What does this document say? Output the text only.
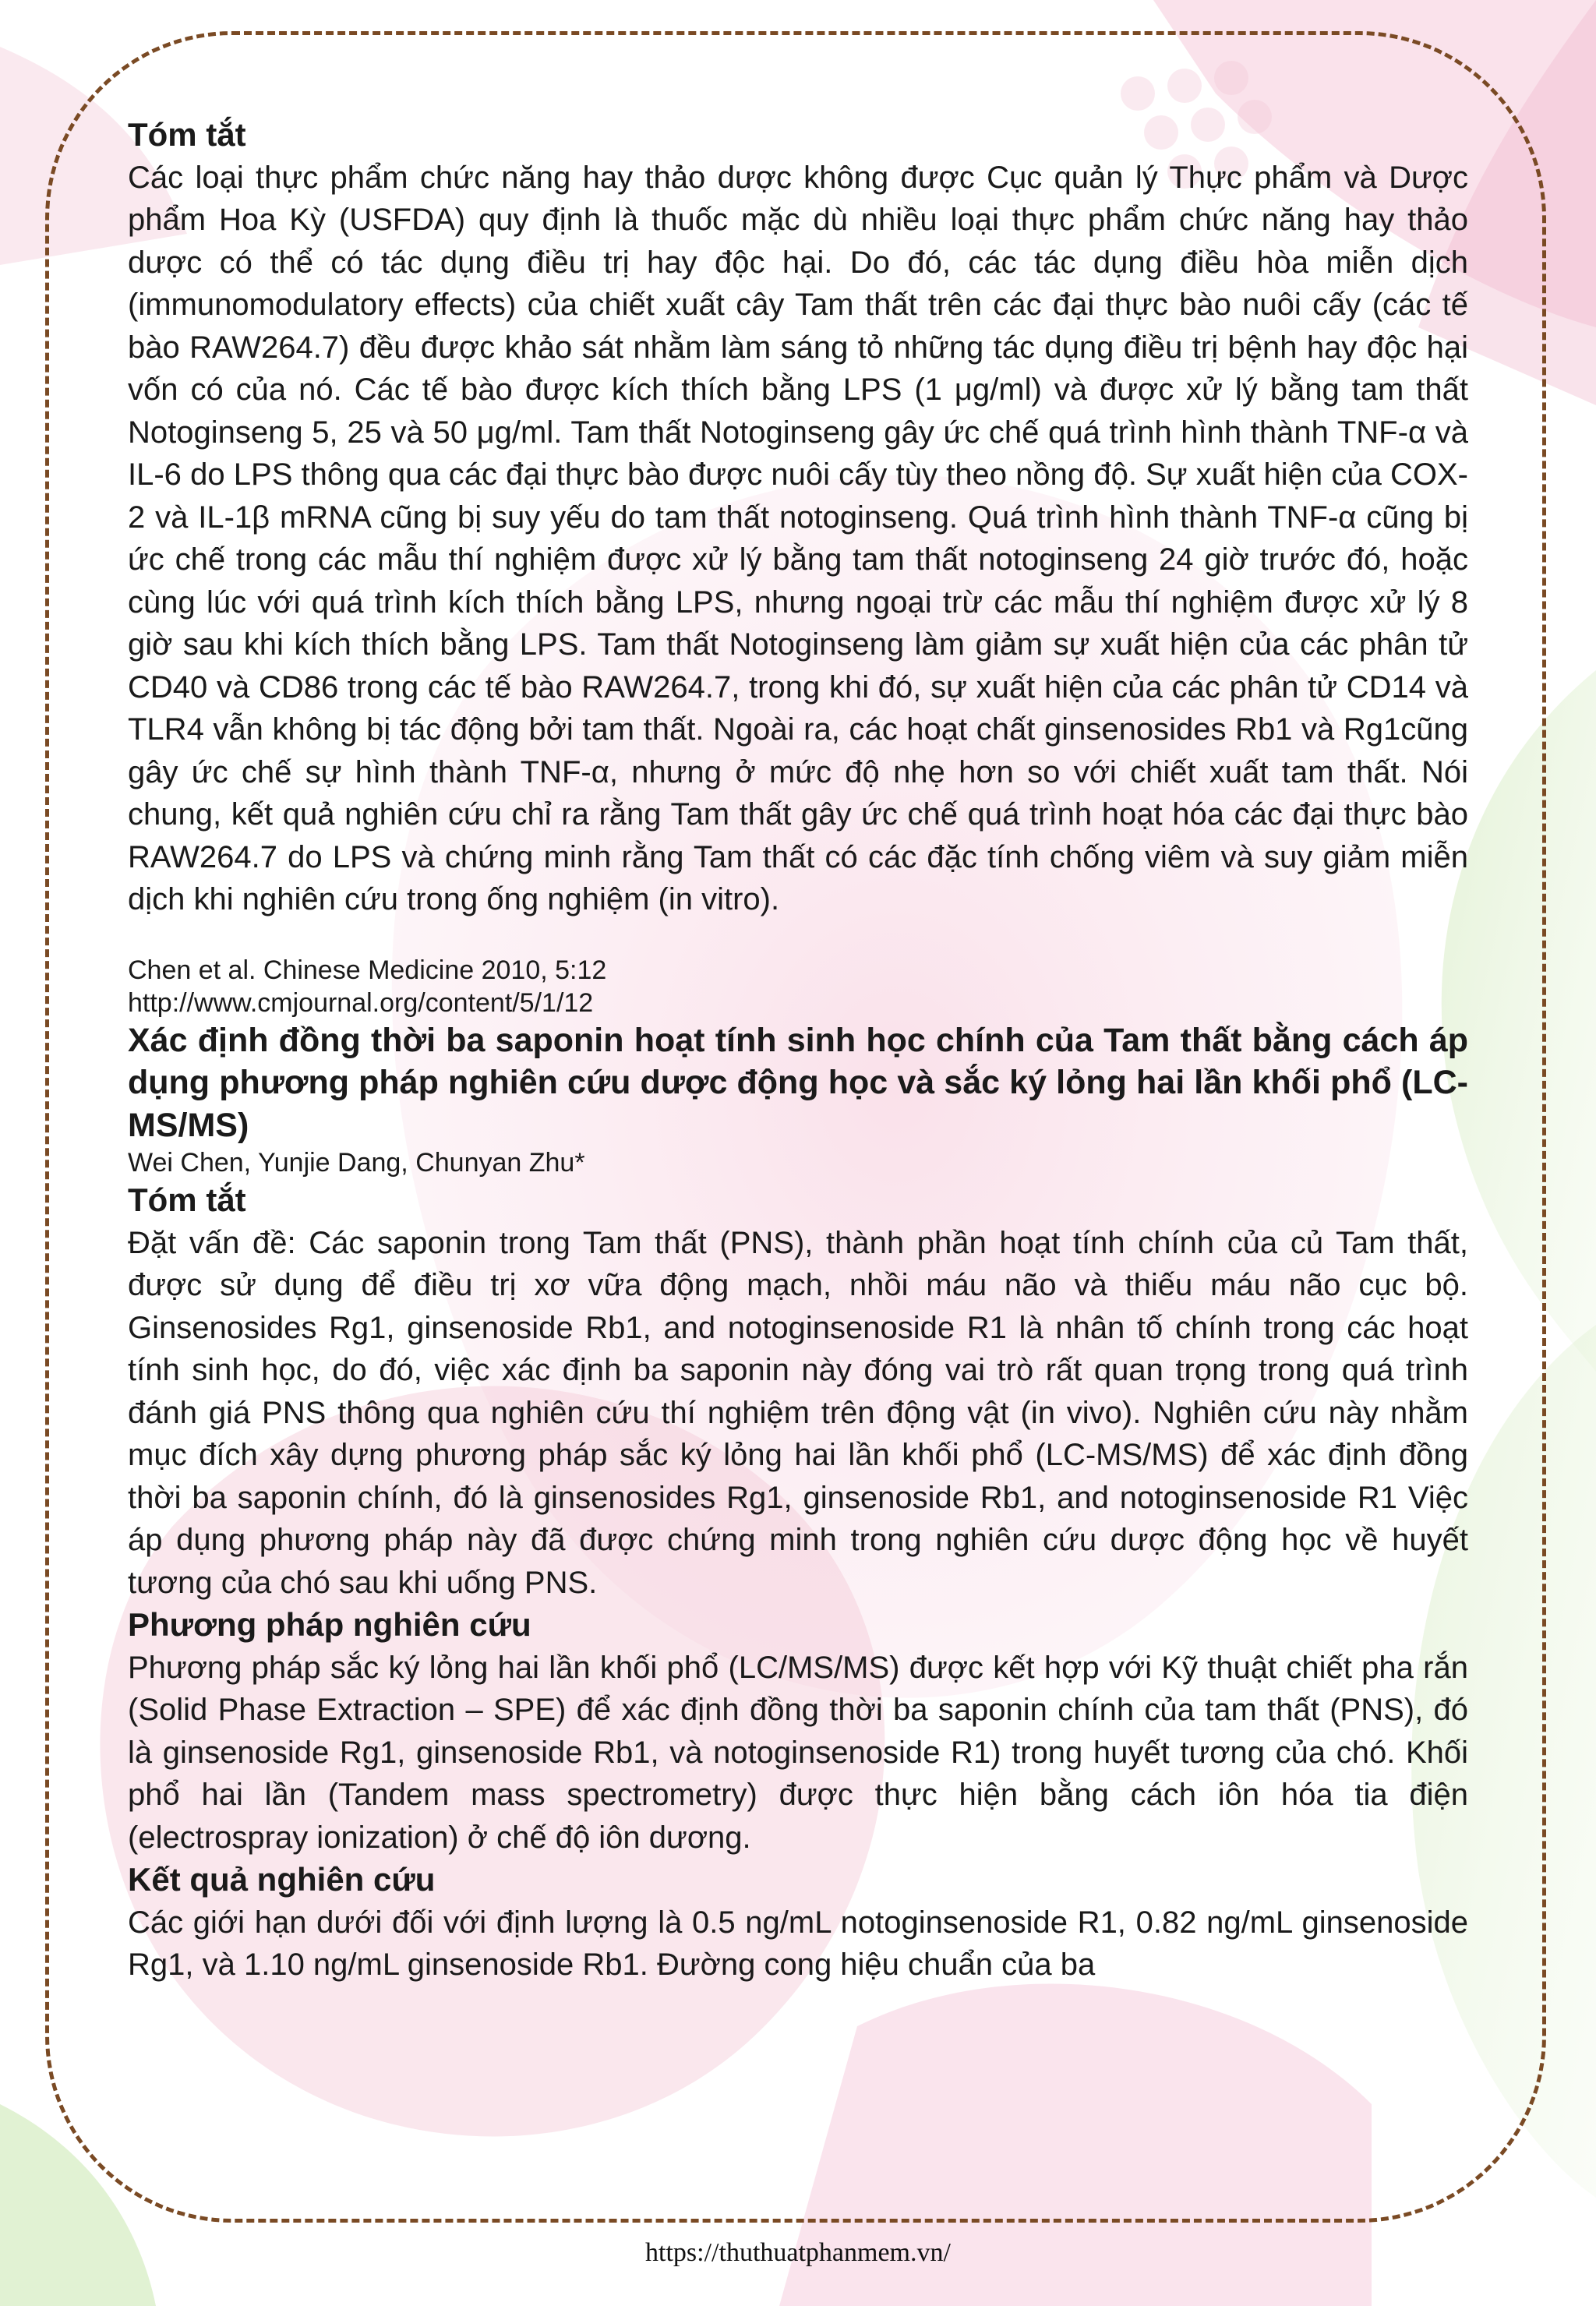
Tóm tắt

Các loại thực phẩm chức năng hay thảo dược không được Cục quản lý Thực phẩm và Dược phẩm Hoa Kỳ (USFDA) quy định là thuốc mặc dù nhiều loại thực phẩm chức năng hay thảo dược có thể có tác dụng điều trị hay độc hại. Do đó, các tác dụng điều hòa miễn dịch (immunomodulatory effects) của chiết xuất cây Tam thất trên các đại thực bào nuôi cấy (các tế bào RAW264.7) đều được khảo sát nhằm làm sáng tỏ những tác dụng điều trị bệnh hay độc hại vốn có của nó. Các tế bào được kích thích bằng LPS (1 μg/ml) và được xử lý bằng tam thất Notoginseng 5, 25 và 50 μg/ml. Tam thất Notoginseng gây ức chế quá trình hình thành TNF-α và IL-6 do LPS thông qua các đại thực bào được nuôi cấy tùy theo nồng độ. Sự xuất hiện của COX-2 và IL-1β mRNA cũng bị suy yếu do tam thất notoginseng. Quá trình hình thành TNF-α cũng bị ức chế trong các mẫu thí nghiệm được xử lý bằng tam thất notoginseng 24 giờ trước đó, hoặc cùng lúc với quá trình kích thích bằng LPS, nhưng ngoại trừ các mẫu thí nghiệm được xử lý 8 giờ sau khi kích thích bằng LPS. Tam thất Notoginseng làm giảm sự xuất hiện của các phân tử CD40 và CD86 trong các tế bào RAW264.7, trong khi đó, sự xuất hiện của các phân tử CD14 và TLR4 vẫn không bị tác động bởi tam thất. Ngoài ra, các hoạt chất ginsenosides Rb1 và Rg1cũng gây ức chế sự hình thành TNF-α, nhưng ở mức độ nhẹ hơn so với chiết xuất tam thất. Nói chung, kết quả nghiên cứu chỉ ra rằng Tam thất gây ức chế quá trình hoạt hóa các đại thực bào RAW264.7 do LPS và chứng minh rằng Tam thất có các đặc tính chống viêm và suy giảm miễn dịch khi nghiên cứu trong ống nghiệm (in vitro).

Chen et al. Chinese Medicine 2010, 5:12

http://www.cmjournal.org/content/5/1/12

Xác định đồng thời ba saponin hoạt tính sinh học chính của Tam thất bằng cách áp dụng phương pháp nghiên cứu dược động học và sắc ký lỏng hai lần khối phổ (LC-MS/MS)

Wei Chen, Yunjie Dang, Chunyan Zhu*

Tóm tắt

Đặt vấn đề: Các saponin trong Tam thất (PNS), thành phần hoạt tính chính của củ Tam thất, được sử dụng để điều trị xơ vữa động mạch, nhồi máu não và thiếu máu não cục bộ. Ginsenosides Rg1, ginsenoside Rb1, and notoginsenoside R1 là nhân tố chính trong các hoạt tính sinh học, do đó, việc xác định ba saponin này đóng vai trò rất quan trọng trong quá trình đánh giá PNS thông qua nghiên cứu thí nghiệm trên động vật (in vivo). Nghiên cứu này nhằm mục đích xây dựng phương pháp sắc ký lỏng hai lần khối phổ (LC-MS/MS) để xác định đồng thời ba saponin chính, đó là ginsenosides Rg1, ginsenoside Rb1, and notoginsenoside R1 Việc áp dụng phương pháp này đã được chứng minh trong nghiên cứu dược động học về huyết tương của chó sau khi uống PNS.

Phương pháp nghiên cứu

Phương pháp sắc ký lỏng hai lần khối phổ (LC/MS/MS) được kết hợp với Kỹ thuật chiết pha rắn (Solid Phase Extraction – SPE) để xác định đồng thời ba saponin chính của tam thất (PNS), đó là ginsenoside Rg1, ginsenoside Rb1, và notoginsenoside R1) trong huyết tương của chó. Khối phổ hai lần (Tandem mass spectrometry) được thực hiện bằng cách iôn hóa tia điện (electrospray ionization) ở chế độ iôn dương.

Kết quả nghiên cứu

Các giới hạn dưới đối với định lượng là 0.5 ng/mL notoginsenoside R1, 0.82 ng/mL ginsenoside Rg1, và 1.10 ng/mL ginsenoside Rb1. Đường cong hiệu chuẩn của ba

https://thuthuatphanmem.vn/
